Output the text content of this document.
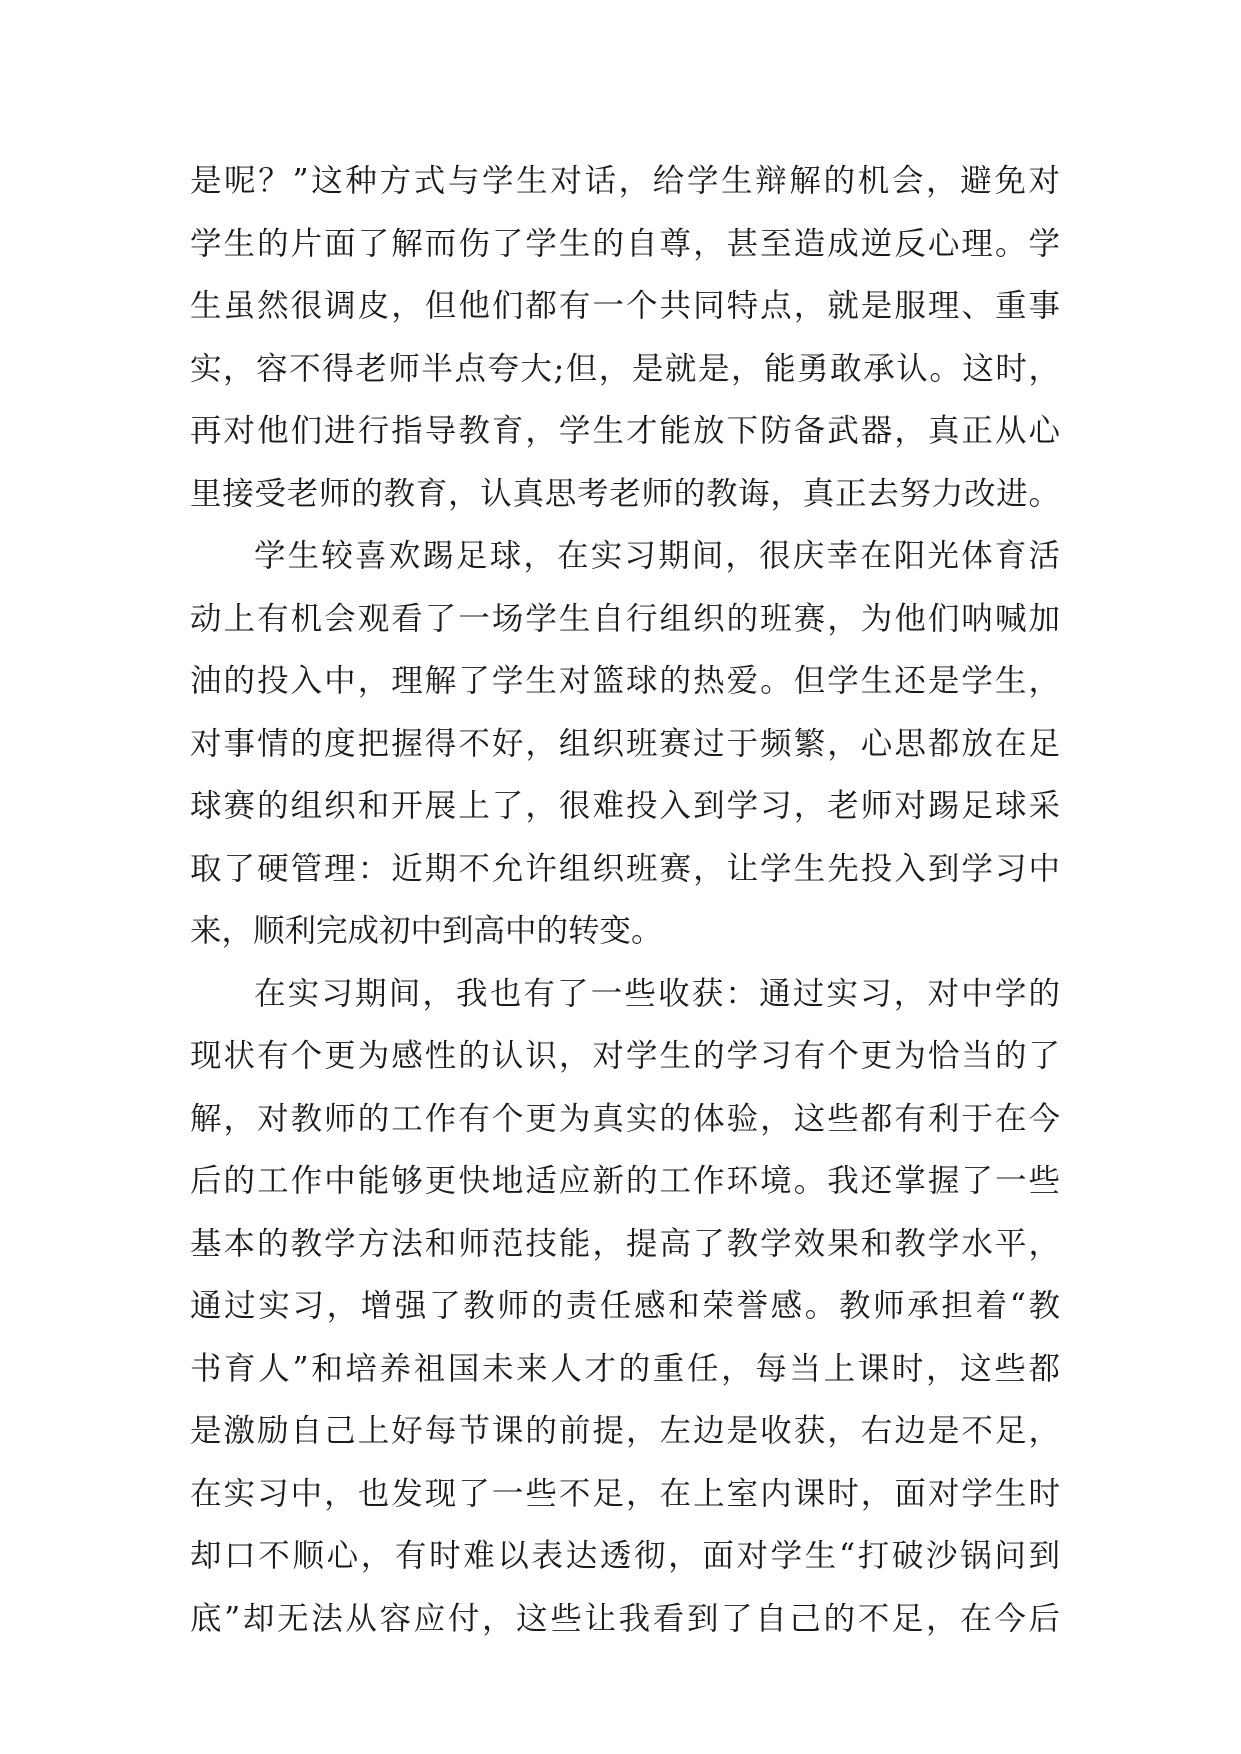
是呢？”这种方式与学生对话，给学生辩解的机会，避免对
学生的片面了解而伤了学生的自尊，甚至造成逆反心理。学
生虽然很调皮，但他们都有一个共同特点，就是服理、重事
实，容不得老师半点夸大;但，是就是，能勇敢承认。这时，
再对他们进行指导教育，学生才能放下防备武器，真正从心
里接受老师的教育，认真思考老师的教诲，真正去努力改进。
学生较喜欢踢足球，在实习期间，很庆幸在阳光体育活
动上有机会观看了一场学生自行组织的班赛，为他们呐喊加
油的投入中，理解了学生对篮球的热爱。但学生还是学生，
对事情的度把握得不好，组织班赛过于频繁，心思都放在足
球赛的组织和开展上了，很难投入到学习，老师对踢足球采
取了硬管理：近期不允许组织班赛，让学生先投入到学习中
来，顺利完成初中到高中的转变。
在实习期间，我也有了一些收获：通过实习，对中学的
现状有个更为感性的认识，对学生的学习有个更为恰当的了
解，对教师的工作有个更为真实的体验，这些都有利于在今
后的工作中能够更快地适应新的工作环境。我还掌握了一些
基本的教学方法和师范技能，提高了教学效果和教学水平，
通过实习，增强了教师的责任感和荣誉感。教师承担着“教
书育人”和培养祖国未来人才的重任，每当上课时，这些都
是激励自己上好每节课的前提，左边是收获，右边是不足，
在实习中，也发现了一些不足，在上室内课时，面对学生时
却口不顺心，有时难以表达透彻，面对学生“打破沙锅问到
底”却无法从容应付，这些让我看到了自己的不足，在今后
